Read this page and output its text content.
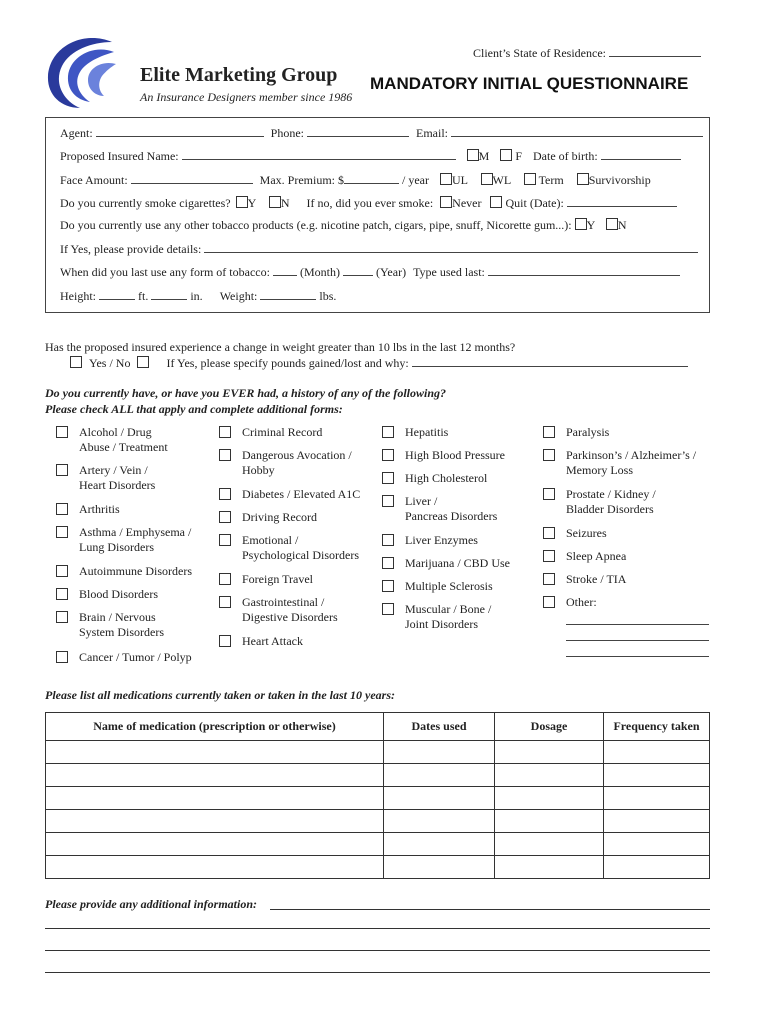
Elite Marketing Group
An Insurance Designers member since 1986
Client’s State of Residence:
MANDATORY INITIAL QUESTIONNAIRE
Agent:	Phone:	Email:
Proposed Insured Name:	M F Date of birth:
Face Amount:	Max. Premium: $	/ year UL WL Term Survivorship
Do you currently smoke cigarettes? Y N If no, did you ever smoke: Never Quit (Date):
Do you currently use any other tobacco products (e.g. nicotine patch, cigars, pipe, snuff, Nicorette gum...): Y N
If Yes, please provide details:
When did you last use any form of tobacco:	(Month)	(Year) Type used last:
Height:	ft.	in. Weight:	lbs.
Has the proposed insured experience a change in weight greater than 10 lbs in the last 12 months?
Yes / No	If Yes, please specify pounds gained/lost and why:
Do you currently have, or have you EVER had, a history of any of the following?
Please check ALL that apply and complete additional forms:
Alcohol / Drug
Abuse / Treatment
Artery / Vein /
Heart Disorders
Arthritis
Asthma / Emphysema /
Lung Disorders
Autoimmune Disorders
Blood Disorders
Brain / Nervous
System Disorders
Cancer / Tumor / Polyp
Criminal Record
Dangerous Avocation /
Hobby
Diabetes / Elevated A1C
Driving Record
Emotional /
Psychological Disorders
Foreign Travel
Gastrointestinal /
Digestive Disorders
Heart Attack
Hepatitis
High Blood Pressure
High Cholesterol
Liver /
Pancreas Disorders
Liver Enzymes
Marijuana / CBD Use
Multiple Sclerosis
Muscular / Bone /
Joint Disorders
Paralysis
Parkinson’s / Alzheimer’s /
Memory Loss
Prostate / Kidney /
Bladder Disorders
Seizures
Sleep Apnea
Stroke / TIA
Other:
Please list all medications currently taken or taken in the last 10 years:
Name of medication (prescription or otherwise)	Dates used	Dosage	Frequency taken

Please provide any additional information:
